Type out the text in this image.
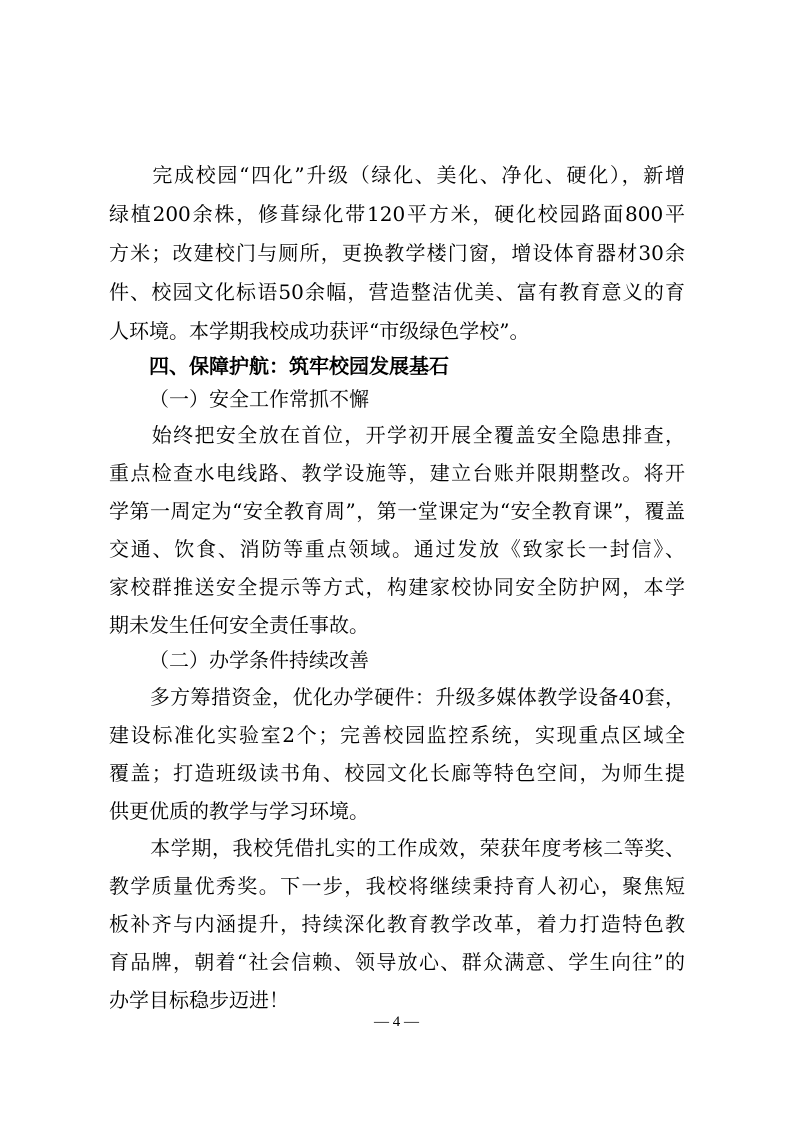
　　完成校园“四化”升级（绿化、美化、净化、硬化），新增
绿植200余株，修葺绿化带120平方米，硬化校园路面800平
方米；改建校门与厕所，更换教学楼门窗，增设体育器材30余
件、校园文化标语50余幅，营造整洁优美、富有教育意义的育
人环境。本学期我校成功获评“市级绿色学校”。
四、保障护航：筑牢校园发展基石
（一）安全工作常抓不懈
　　始终把安全放在首位，开学初开展全覆盖安全隐患排查，
重点检查水电线路、教学设施等，建立台账并限期整改。将开
学第一周定为“安全教育周”，第一堂课定为“安全教育课”，覆盖
交通、饮食、消防等重点领域。通过发放《致家长一封信》、
家校群推送安全提示等方式，构建家校协同安全防护网，本学
期未发生任何安全责任事故。
（二）办学条件持续改善
　　多方筹措资金，优化办学硬件：升级多媒体教学设备40套，
建设标准化实验室2个；完善校园监控系统，实现重点区域全
覆盖；打造班级读书角、校园文化长廊等特色空间，为师生提
供更优质的教学与学习环境。
　　本学期，我校凭借扎实的工作成效，荣获年度考核二等奖、
教学质量优秀奖。下一步，我校将继续秉持育人初心，聚焦短
板补齐与内涵提升，持续深化教育教学改革，着力打造特色教
育品牌，朝着“社会信赖、领导放心、群众满意、学生向往”的
办学目标稳步迈进！
— 4 —
